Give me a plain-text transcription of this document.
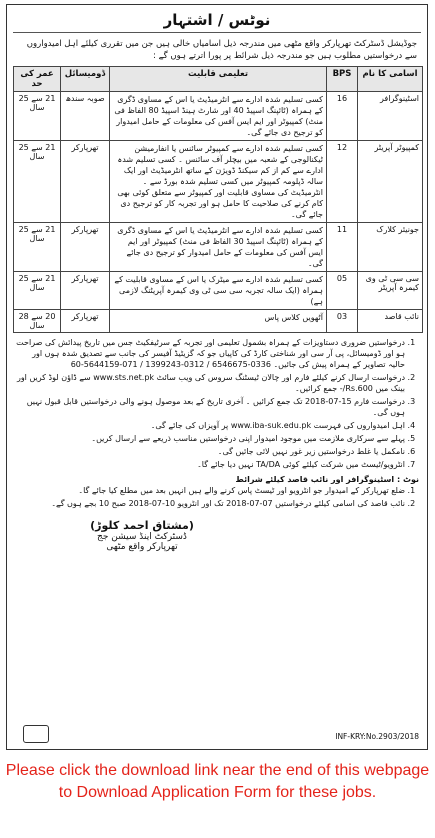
نوٹس / اشتہار
جوڈیشل ڈسٹرکٹ تھرپارکر واقع مٹھی میں مندرجہ ذیل اسامیاں خالی ہیں جن میں تقرری کیلئے اہل امیدواروں سے درخواستیں مطلوب ہیں جو مندرجہ ذیل شرائط پر پورا اترتے ہوں گے :
اسامی کا نام	BPS	تعلیمی قابلیت	ڈومیسائل	عمر کی حد
اسٹینوگرافر	16	کسی تسلیم شدہ ادارے سے انٹرمیڈیٹ یا اس کے مساوی ڈگری کے ہمراہ (ٹائپنگ اسپیڈ 40 اور شارٹ ہینڈ اسپیڈ 80 الفاظ فی منٹ) کمپیوٹر اور ایم ایس آفس کی معلومات کے حامل امیدوار کو ترجیح دی جائے گی۔	صوبہ سندھ	21 سے 25 سال
کمپیوٹر آپریٹر	12	کسی تسلیم شدہ ادارے سے کمپیوٹر سائنس یا انفارمیشن ٹیکنالوجی کے شعبہ میں بیچلر آف سائنس ۔ کسی تسلیم شدہ ادارے سے کم از کم سیکنڈ ڈویژن کے ساتھ انٹرمیڈیٹ اور ایک سالہ ڈپلومہ کمپیوٹر میں کسی تسلیم شدہ بورڈ سے ۔ انٹرمیڈیٹ کی مساوی قابلیت اور کمپیوٹر سے متعلق کوئی بھی کام کرنے کی صلاحیت کا حامل ہو اور تجربہ کار کو ترجیح دی جائے گی۔	تھرپارکر	21 سے 25 سال
جونیئر کلارک	11	کسی تسلیم شدہ ادارے سے انٹرمیڈیٹ یا اس کے مساوی ڈگری کے ہمراہ (ٹائپنگ اسپیڈ 30 الفاظ فی منٹ) کمپیوٹر اور ایم ایس آفس کی معلومات کے حامل امیدوار کو ترجیح دی جائے گی۔	تھرپارکر	21 سے 25 سال
سی سی ٹی وی کیمرہ آپریٹر	05	کسی تسلیم شدہ ادارے سے میٹرک یا اس کے مساوی قابلیت کے ہمراہ (ایک سالہ تجربہ سی سی ٹی وی کیمرہ آپریٹنگ لازمی ہے)	تھرپارکر	21 سے 25 سال
نائب قاصد	03	آٹھویں کلاس پاس	تھرپارکر	20 سے 28 سال
1. درخواستیں ضروری دستاویزات کے ہمراہ بشمول تعلیمی اور تجربہ کے سرٹیفکیٹ جس میں تاریخ پیدائش کی صراحت ہو اور ڈومیسائل، پی آر سی اور شناختی کارڈ کی کاپیاں جو کہ گزیٹیڈ آفیسر کی جانب سے تصدیق شدہ ہوں اور حالیہ تصاویر کے ہمراہ پیش کی جائیں۔ 0336-6546675 / 0312-1399243 / 071-5644159-60
2. درخواست ارسال کرنے کیلئے فارم اور چالان ٹیسٹنگ سروس کی ویب سائٹ www.sts.net.pk سے ڈاؤن لوڈ کریں اور بینک میں Rs.600/- جمع کرائیں۔
3. درخواست فارم 15-07-2018 تک جمع کرائیں ۔ آخری تاریخ کے بعد موصول ہونے والی درخواستیں قابل قبول نہیں ہوں گی۔
4. اہل امیدواروں کی فہرست www.iba-suk.edu.pk پر آویزاں کی جائے گی۔
5. پہلے سے سرکاری ملازمت میں موجود امیدوار اپنی درخواستیں مناسب ذریعے سے ارسال کریں۔
6. نامکمل یا غلط درخواستیں زیر غور نہیں لائی جائیں گی۔
7. انٹرویو/ٹیسٹ میں شرکت کیلئے کوئی TA/DA نہیں دیا جائے گا۔
نوٹ : اسٹینوگرافر اور نائب قاصد کیلئے شرائط
1. ضلع تھرپارکر کے امیدوار جو انٹرویو اور ٹیسٹ پاس کرنے والے ہیں انہیں بعد میں مطلع کیا جائے گا۔
2. نائب قاصد کی اسامی کیلئے درخواستیں 07-07-2018 تک اور انٹرویو 10-07-2018 صبح 10 بجے ہوں گے۔
(مشتاق احمد کلوڑ)
ڈسٹرکٹ اینڈ سیشن جج
تھرپارکر واقع مٹھی
INF-KRY:No.2903/2018
Please click the download link near the end of this webpage to Download Application Form for these jobs.
